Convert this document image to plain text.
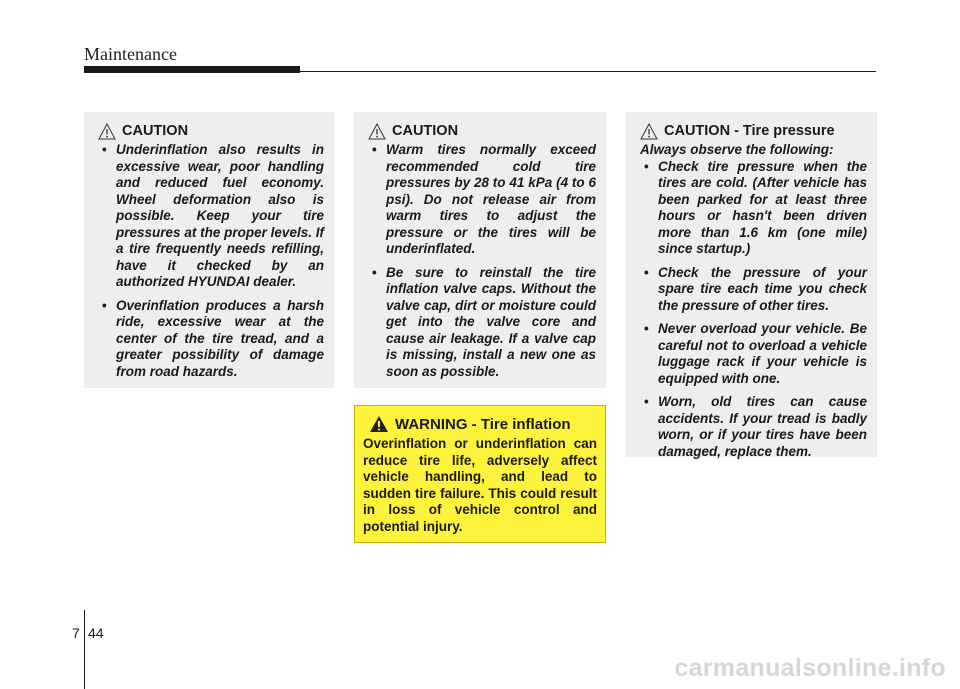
Maintenance
CAUTION
• Underinflation also results in excessive wear, poor handling and reduced fuel economy. Wheel deformation also is possible. Keep your tire pressures at the proper levels. If a tire frequently needs refilling, have it checked by an authorized HYUNDAI dealer.
• Overinflation produces a harsh ride, excessive wear at the center of the tire tread, and a greater possibility of damage from road hazards.
CAUTION
• Warm tires normally exceed recommended cold tire pressures by 28 to 41 kPa (4 to 6 psi). Do not release air from warm tires to adjust the pressure or the tires will be underinflated.
• Be sure to reinstall the tire inflation valve caps. Without the valve cap, dirt or moisture could get into the valve core and cause air leakage. If a valve cap is missing, install a new one as soon as possible.
WARNING - Tire inflation
Overinflation or underinflation can reduce tire life, adversely affect vehicle handling, and lead to sudden tire failure. This could result in loss of vehicle control and potential injury.
CAUTION - Tire pressure
Always observe the following:
• Check tire pressure when the tires are cold. (After vehicle has been parked for at least three hours or hasn't been driven more than 1.6 km (one mile) since startup.)
• Check the pressure of your spare tire each time you check the pressure of other tires.
• Never overload your vehicle. Be careful not to overload a vehicle luggage rack if your vehicle is equipped with one.
• Worn, old tires can cause accidents. If your tread is badly worn, or if your tires have been damaged, replace them.
7 44
carmanualsonline.info
